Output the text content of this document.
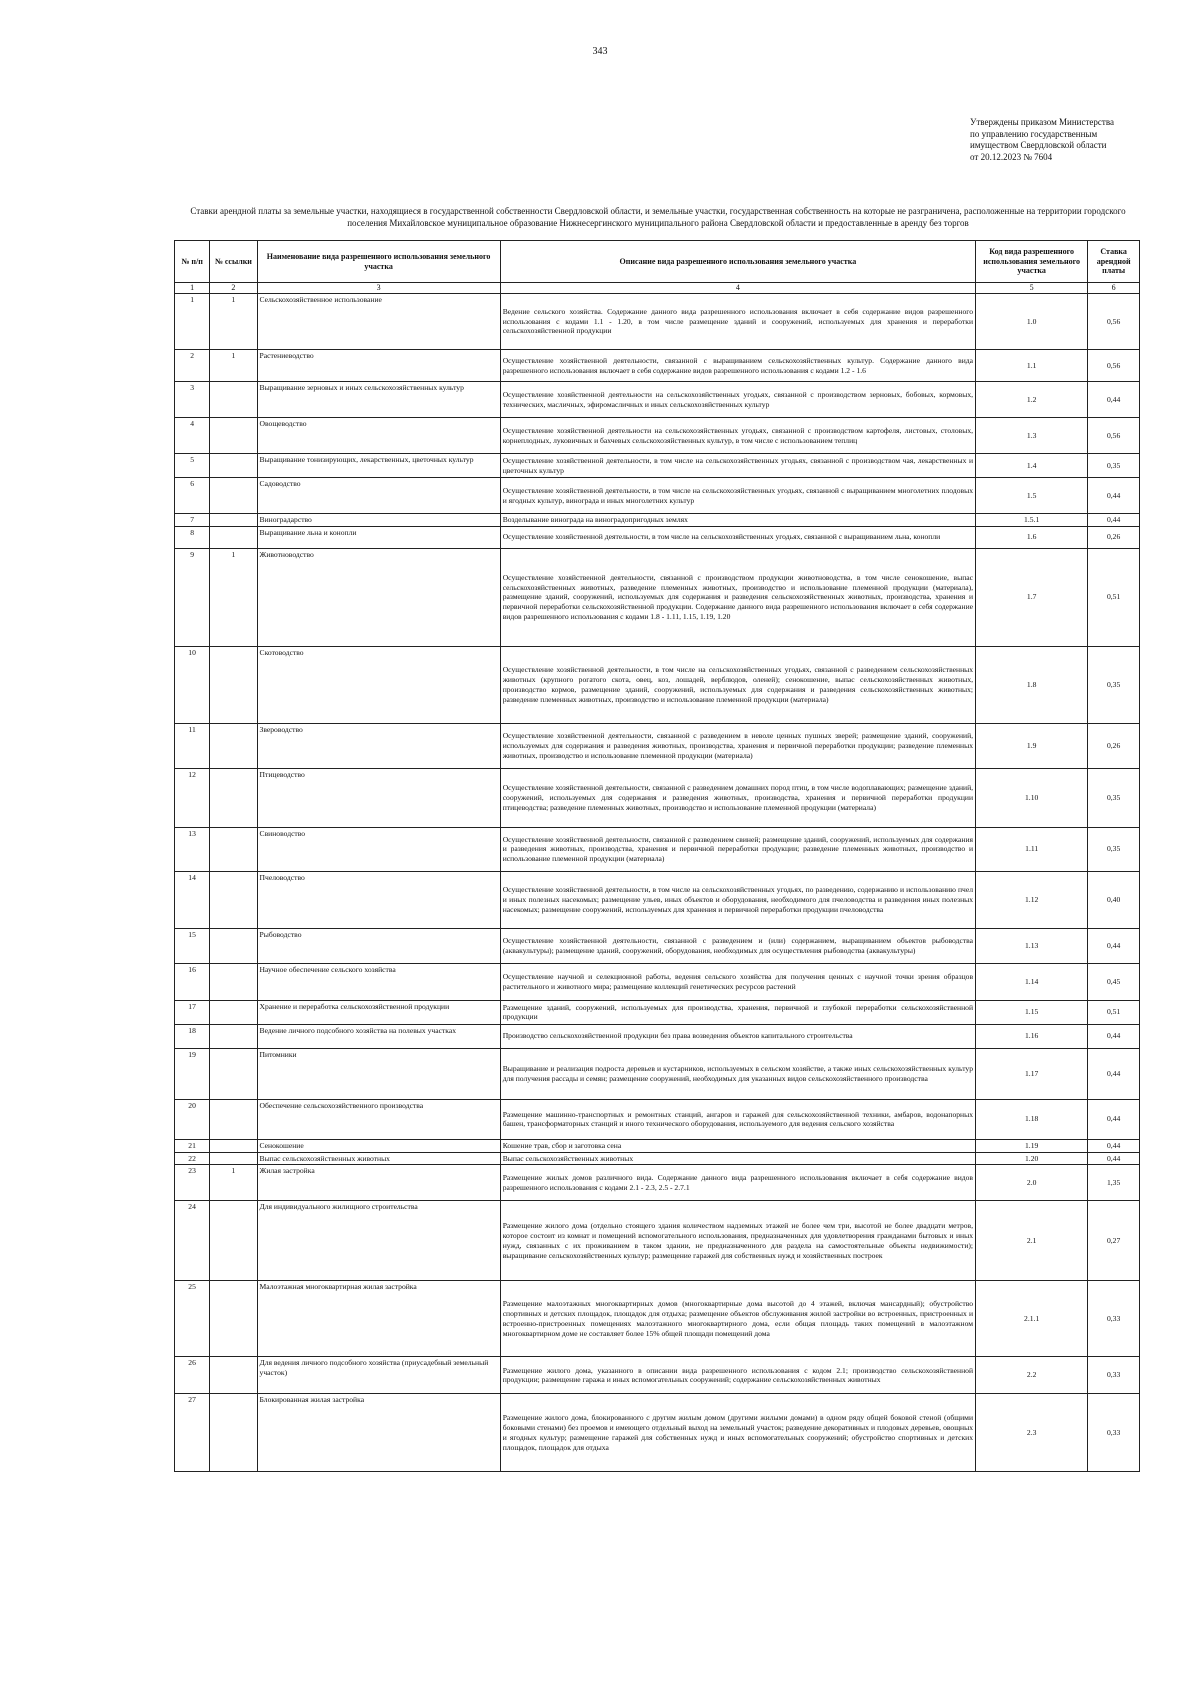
343
Утверждены приказом Министерства
по управлению государственным
имуществом Свердловской области
от 20.12.2023 № 7604
Ставки арендной платы за земельные участки, находящиеся в государственной собственности Свердловской области, и земельные участки, государственная собственность на которые не разграничена, расположенные на территории городского поселения Михайловское муниципальное образование Нижнесергинского муниципального района Свердловской области и предоставленные в аренду без торгов
№ п/п	№ ссылки	Наименование вида разрешенного использования земельного участка	Описание вида разрешенного использования земельного участка	Код вида разрешенного использования земельного участка	Ставка арендной платы
1	2	3	4	5	6
1	1	Сельскохозяйственное использование	Ведение сельского хозяйства. Содержание данного вида разрешенного использования включает в себя содержание видов разрешенного использования с кодами 1.1 - 1.20, в том числе размещение зданий и сооружений, используемых для хранения и переработки сельскохозяйственной продукции	1.0	0,56
2	1	Растениеводство	Осуществление хозяйственной деятельности, связанной с выращиванием сельскохозяйственных культур. Содержание данного вида разрешенного использования включает в себя содержание видов разрешенного использования с кодами 1.2 - 1.6	1.1	0,56
3		Выращивание зерновых и иных сельскохозяйственных культур	Осуществление хозяйственной деятельности на сельскохозяйственных угодьях, связанной с производством зерновых, бобовых, кормовых, технических, масличных, эфиромасличных и иных сельскохозяйственных культур	1.2	0,44
4		Овощеводство	Осуществление хозяйственной деятельности на сельскохозяйственных угодьях, связанной с производством картофеля, листовых, столовых, корнеплодных, луковичных и бахчевых сельскохозяйственных культур, в том числе с использованием теплиц	1.3	0,56
5		Выращивание тонизирующих, лекарственных, цветочных культур	Осуществление хозяйственной деятельности, в том числе на сельскохозяйственных угодьях, связанной с производством чая, лекарственных и цветочных культур	1.4	0,35
6		Садоводство	Осуществление хозяйственной деятельности, в том числе на сельскохозяйственных угодьях, связанной с выращиванием многолетних плодовых и ягодных культур, винограда и иных многолетних культур	1.5	0,44
7		Виноградарство	Возделывание винограда на виноградопригодных землях	1.5.1	0,44
8		Выращивание льна и конопли	Осуществление хозяйственной деятельности, в том числе на сельскохозяйственных угодьях, связанной с выращиванием льна, конопли	1.6	0,26
9	1	Животноводство	Осуществление хозяйственной деятельности, связанной с производством продукции животноводства, в том числе сенокошение, выпас сельскохозяйственных животных, разведение племенных животных, производство и использование племенной продукции (материала), размещение зданий, сооружений, используемых для содержания и разведения сельскохозяйственных животных, производства, хранения и первичной переработки сельскохозяйственной продукции. Содержание данного вида разрешенного использования включает в себя содержание видов разрешенного использования с кодами 1.8 - 1.11, 1.15, 1.19, 1.20	1.7	0,51
10		Скотоводство	Осуществление хозяйственной деятельности, в том числе на сельскохозяйственных угодьях, связанной с разведением сельскохозяйственных животных (крупного рогатого скота, овец, коз, лошадей, верблюдов, оленей); сенокошение, выпас сельскохозяйственных животных, производство кормов, размещение зданий, сооружений, используемых для содержания и разведения сельскохозяйственных животных; разведение племенных животных, производство и использование племенной продукции (материала)	1.8	0,35
11		Звероводство	Осуществление хозяйственной деятельности, связанной с разведением в неволе ценных пушных зверей; размещение зданий, сооружений, используемых для содержания и разведения животных, производства, хранения и первичной переработки продукции; разведение племенных животных, производство и использование племенной продукции (материала)	1.9	0,26
12		Птицеводство	Осуществление хозяйственной деятельности, связанной с разведением домашних пород птиц, в том числе водоплавающих; размещение зданий, сооружений, используемых для содержания и разведения животных, производства, хранения и первичной переработки продукции птицеводства; разведение племенных животных, производство и использование племенной продукции (материала)	1.10	0,35
13		Свиноводство	Осуществление хозяйственной деятельности, связанной с разведением свиней; размещение зданий, сооружений, используемых для содержания и разведения животных, производства, хранения и первичной переработки продукции; разведение племенных животных, производство и использование племенной продукции (материала)	1.11	0,35
14		Пчеловодство	Осуществление хозяйственной деятельности, в том числе на сельскохозяйственных угодьях, по разведению, содержанию и использованию пчел и иных полезных насекомых; размещение ульев, иных объектов и оборудования, необходимого для пчеловодства и разведения иных полезных насекомых; размещение сооружений, используемых для хранения и первичной переработки продукции пчеловодства	1.12	0,40
15		Рыбоводство	Осуществление хозяйственной деятельности, связанной с разведением и (или) содержанием, выращиванием объектов рыбоводства (аквакультуры); размещение зданий, сооружений, оборудования, необходимых для осуществления рыбоводства (аквакультуры)	1.13	0,44
16		Научное обеспечение сельского хозяйства	Осуществление научной и селекционной работы, ведения сельского хозяйства для получения ценных с научной точки зрения образцов растительного и животного мира; размещение коллекций генетических ресурсов растений	1.14	0,45
17		Хранение и переработка сельскохозяйственной продукции	Размещение зданий, сооружений, используемых для производства, хранения, первичной и глубокой переработки сельскохозяйственной продукции	1.15	0,51
18		Ведение личного подсобного хозяйства на полевых участках	Производство сельскохозяйственной продукции без права возведения объектов капитального строительства	1.16	0,44
19		Питомники	Выращивание и реализация подроста деревьев и кустарников, используемых в сельском хозяйстве, а также иных сельскохозяйственных культур для получения рассады и семян; размещение сооружений, необходимых для указанных видов сельскохозяйственного производства	1.17	0,44
20		Обеспечение сельскохозяйственного производства	Размещение машинно-транспортных и ремонтных станций, ангаров и гаражей для сельскохозяйственной техники, амбаров, водонапорных башен, трансформаторных станций и иного технического оборудования, используемого для ведения сельского хозяйства	1.18	0,44
21		Сенокошение	Кошение трав, сбор и заготовка сена	1.19	0,44
22		Выпас сельскохозяйственных животных	Выпас сельскохозяйственных животных	1.20	0,44
23	1	Жилая застройка	Размещение жилых домов различного вида. Содержание данного вида разрешенного использования включает в себя содержание видов разрешенного использования с кодами 2.1 - 2.3, 2.5 - 2.7.1	2.0	1,35
24		Для индивидуального жилищного строительства	Размещение жилого дома (отдельно стоящего здания количеством надземных этажей не более чем три, высотой не более двадцати метров, которое состоит из комнат и помещений вспомогательного использования, предназначенных для удовлетворения гражданами бытовых и иных нужд, связанных с их проживанием в таком здании, не предназначенного для раздела на самостоятельные объекты недвижимости); выращивание сельскохозяйственных культур; размещение гаражей для собственных нужд и хозяйственных построек	2.1	0,27
25		Малоэтажная многоквартирная жилая застройка	Размещение малоэтажных многоквартирных домов (многоквартирные дома высотой до 4 этажей, включая мансардный); обустройство спортивных и детских площадок, площадок для отдыха; размещение объектов обслуживания жилой застройки во встроенных, пристроенных и встроенно-пристроенных помещениях малоэтажного многоквартирного дома, если общая площадь таких помещений в малоэтажном многоквартирном доме не составляет более 15% общей площади помещений дома	2.1.1	0,33
26		Для ведения личного подсобного хозяйства (приусадебный земельный участок)	Размещение жилого дома, указанного в описании вида разрешенного использования с кодом 2.1; производство сельскохозяйственной продукции; размещение гаража и иных вспомогательных сооружений; содержание сельскохозяйственных животных	2.2	0,33
27		Блокированная жилая застройка	Размещение жилого дома, блокированного с другим жилым домом (другими жилыми домами) в одном ряду общей боковой стеной (общими боковыми стенами) без проемов и имеющего отдельный выход на земельный участок; разведение декоративных и плодовых деревьев, овощных и ягодных культур; размещение гаражей для собственных нужд и иных вспомогательных сооружений; обустройство спортивных и детских площадок, площадок для отдыха	2.3	0,33
